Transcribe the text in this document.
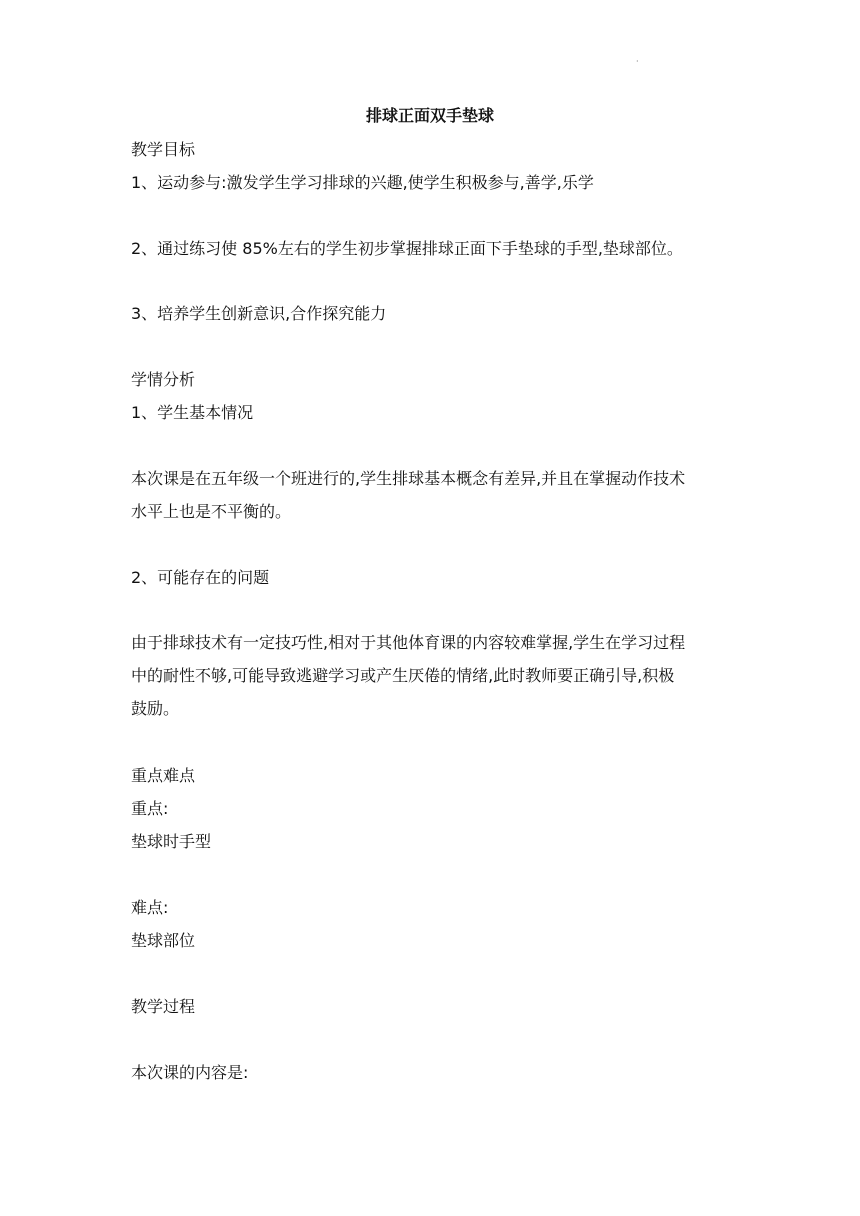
·
排球正面双手垫球
教学目标
1、运动参与:激发学生学习排球的兴趣,使学生积极参与,善学,乐学
2、通过练习使 85%左右的学生初步掌握排球正面下手垫球的手型,垫球部位。
3、培养学生创新意识,合作探究能力
学情分析
1、学生基本情况
本次课是在五年级一个班进行的,学生排球基本概念有差异,并且在掌握动作技术
水平上也是不平衡的。
2、可能存在的问题
由于排球技术有一定技巧性,相对于其他体育课的内容较难掌握,学生在学习过程
中的耐性不够,可能导致逃避学习或产生厌倦的情绪,此时教师要正确引导,积极
鼓励。
重点难点
重点:
垫球时手型
难点:
垫球部位
教学过程
本次课的内容是:
